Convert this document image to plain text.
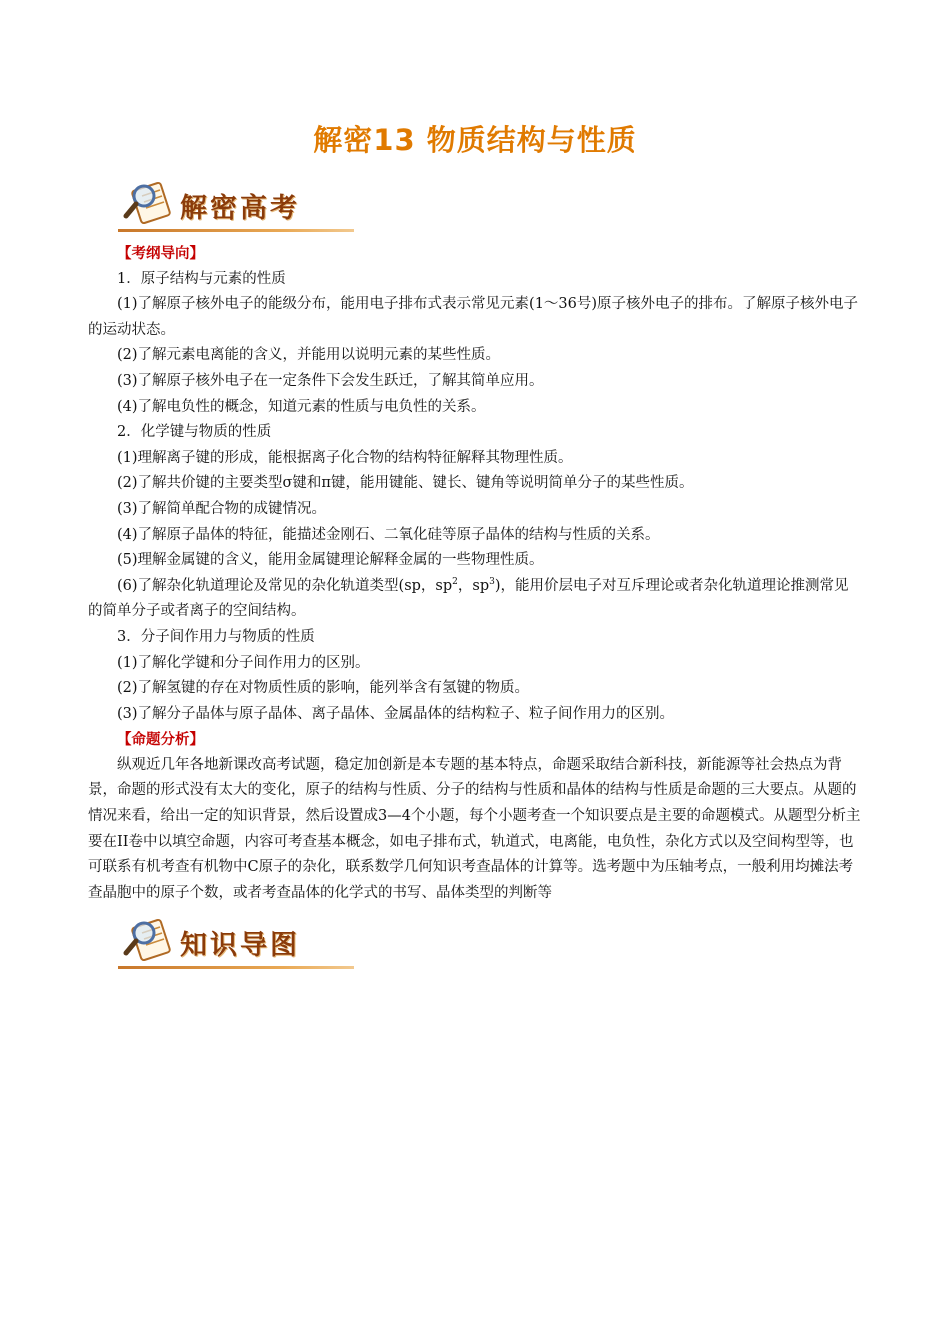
解密13 物质结构与性质
解密高考

【考纲导向】

1．原子结构与元素的性质

(1)了解原子核外电子的能级分布，能用电子排布式表示常见元素(1～36号)原子核外电子的排布。了解原子核外电子的运动状态。

(2)了解元素电离能的含义，并能用以说明元素的某些性质。

(3)了解原子核外电子在一定条件下会发生跃迁，了解其简单应用。

(4)了解电负性的概念，知道元素的性质与电负性的关系。

2．化学键与物质的性质

(1)理解离子键的形成，能根据离子化合物的结构特征解释其物理性质。

(2)了解共价键的主要类型σ键和π键，能用键能、键长、键角等说明简单分子的某些性质。

(3)了解简单配合物的成键情况。

(4)了解原子晶体的特征，能描述金刚石、二氧化硅等原子晶体的结构与性质的关系。

(5)理解金属键的含义，能用金属键理论解释金属的一些物理性质。

(6)了解杂化轨道理论及常见的杂化轨道类型(sp，$sp^2$，$sp^3$)，能用价层电子对互斥理论或者杂化轨道理论推测常见的简单分子或者离子的空间结构。

3．分子间作用力与物质的性质

(1)了解化学键和分子间作用力的区别。

(2)了解氢键的存在对物质性质的影响，能列举含有氢键的物质。

(3)了解分子晶体与原子晶体、离子晶体、金属晶体的结构粒子、粒子间作用力的区别。

【命题分析】

纵观近几年各地新课改高考试题，稳定加创新是本专题的基本特点，命题采取结合新科技，新能源等社会热点为背景，命题的形式没有太大的变化，原子的结构与性质、分子的结构与性质和晶体的结构与性质是命题的三大要点。从题的情况来看，给出一定的知识背景，然后设置成3—4个小题，每个小题考查一个知识要点是主要的命题模式。从题型分析主要在II卷中以填空命题，内容可考查基本概念，如电子排布式，轨道式，电离能，电负性，杂化方式以及空间构型等，也可联系有机考查有机物中C原子的杂化，联系数学几何知识考查晶体的计算等。选考题中为压轴考点，一般利用均摊法考查晶胞中的原子个数，或者考查晶体的化学式的书写、晶体类型的判断等

知识导图
